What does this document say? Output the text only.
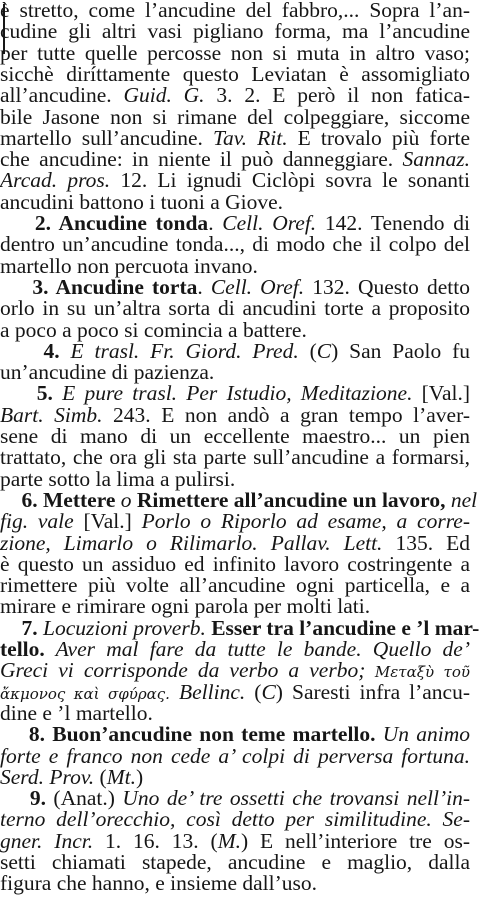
è stretto, come l’ancudine del fabbro,... Sopra l’an-
cudine gli altri vasi pigliano forma, ma l’ancudine
per tutte quelle percosse non si muta in altro vaso;
sicchè diríttamente questo Leviatan è assomigliato
all’ancudine. Guid. G. 3. 2. E però il non fatica-
bile Jasone non si rimane del colpeggiare, siccome
martello sull’ancudine. Tav. Rit. E trovalo più forte
che ancudine: in niente il può danneggiare. Sannaz.
Arcad. pros. 12. Li ignudi Ciclòpi sovra le sonanti
ancudini battono i tuoni a Giove.
2. Ancudine tonda. Cell. Oref. 142. Tenendo di
dentro un’ancudine tonda..., di modo che il colpo del
martello non percuota invano.
3. Ancudine torta. Cell. Oref. 132. Questo detto
orlo in su un’altra sorta di ancudini torte a proposito
a poco a poco si comincia a battere.
4. E trasl. Fr. Giord. Pred. (C) San Paolo fu
un’ancudine di pazienza.
5. E pure trasl. Per Istudio, Meditazione. [Val.]
Bart. Simb. 243. E non andò a gran tempo l’aver-
sene di mano di un eccellente maestro... un pien
trattato, che ora gli sta parte sull’ancudine a formarsi,
parte sotto la lima a pulirsi.
6. Mettere o Rimettere all’ancudine un lavoro, nel
fig. vale [Val.] Porlo o Riporlo ad esame, a corre-
zione, Limarlo o Rilimarlo. Pallav. Lett. 135. Ed
è questo un assiduo ed infinito lavoro costringente a
rimettere più volte all’ancudine ogni particella, e a
mirare e rimirare ogni parola per molti lati.
7. Locuzioni proverb. Esser tra l’ancudine e ’l mar-
tello. Aver mal fare da tutte le bande. Quello de’
Greci vi corrisponde da verbo a verbo; Μεταξὺ τοῦ
ἄκμονος καὶ σφύρας. Bellinc. (C) Saresti infra l’ancu-
dine e ’l martello.
8. Buon’ancudine non teme martello. Un animo
forte e franco non cede a’ colpi di perversa fortuna.
Serd. Prov. (Mt.)
9. (Anat.) Uno de’ tre ossetti che trovansi nell’in-
terno dell’orecchio, così detto per similitudine. Se-
gner. Incr. 1. 16. 13. (M.) E nell’interiore tre os-
setti chiamati stapede, ancudine e maglio, dalla
figura che hanno, e insieme dall’uso.
